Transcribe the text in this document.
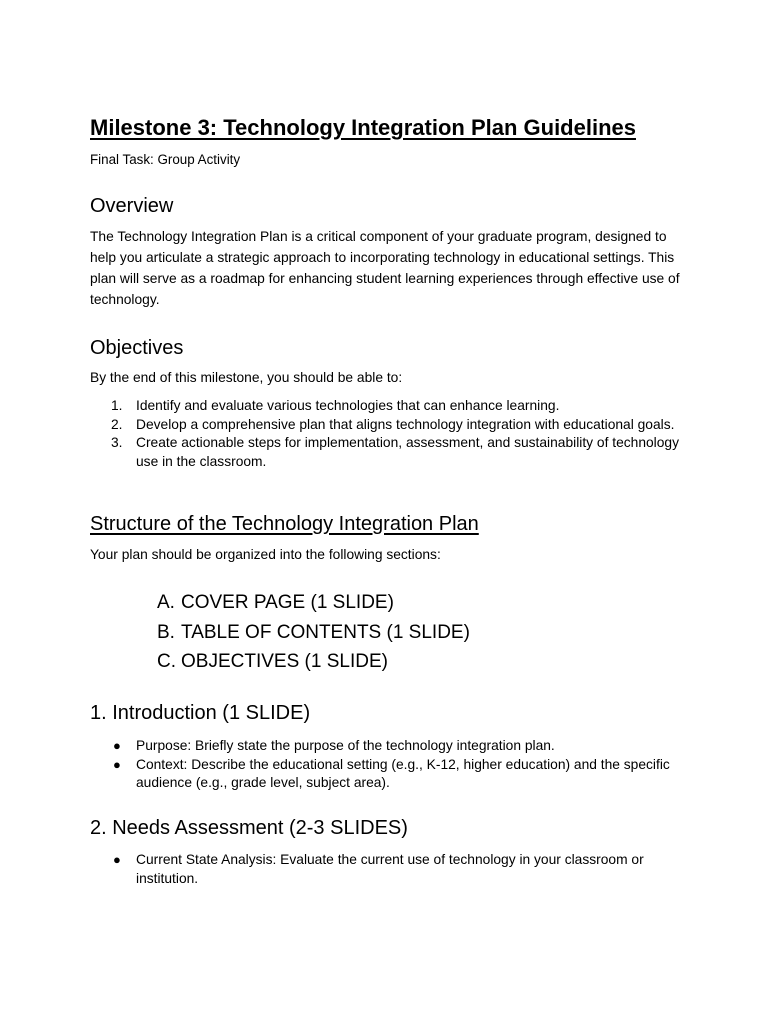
Milestone 3: Technology Integration Plan Guidelines
Final Task: Group Activity
Overview

The Technology Integration Plan is a critical component of your graduate program, designed to help you articulate a strategic approach to incorporating technology in educational settings. This plan will serve as a roadmap for enhancing student learning experiences through effective use of technology.

Objectives
By the end of this milestone, you should be able to:
1. Identify and evaluate various technologies that can enhance learning.
2. Develop a comprehensive plan that aligns technology integration with educational goals.
3. Create actionable steps for implementation, assessment, and sustainability of technology use in the classroom.
Structure of the Technology Integration Plan
Your plan should be organized into the following sections:
A. COVER PAGE (1 SLIDE)
B. TABLE OF CONTENTS (1 SLIDE)
C. OBJECTIVES (1 SLIDE)
1. Introduction (1 SLIDE)
● Purpose: Briefly state the purpose of the technology integration plan.
● Context: Describe the educational setting (e.g., K-12, higher education) and the specific audience (e.g., grade level, subject area).
2. Needs Assessment (2-3 SLIDES)
● Current State Analysis: Evaluate the current use of technology in your classroom or institution.
